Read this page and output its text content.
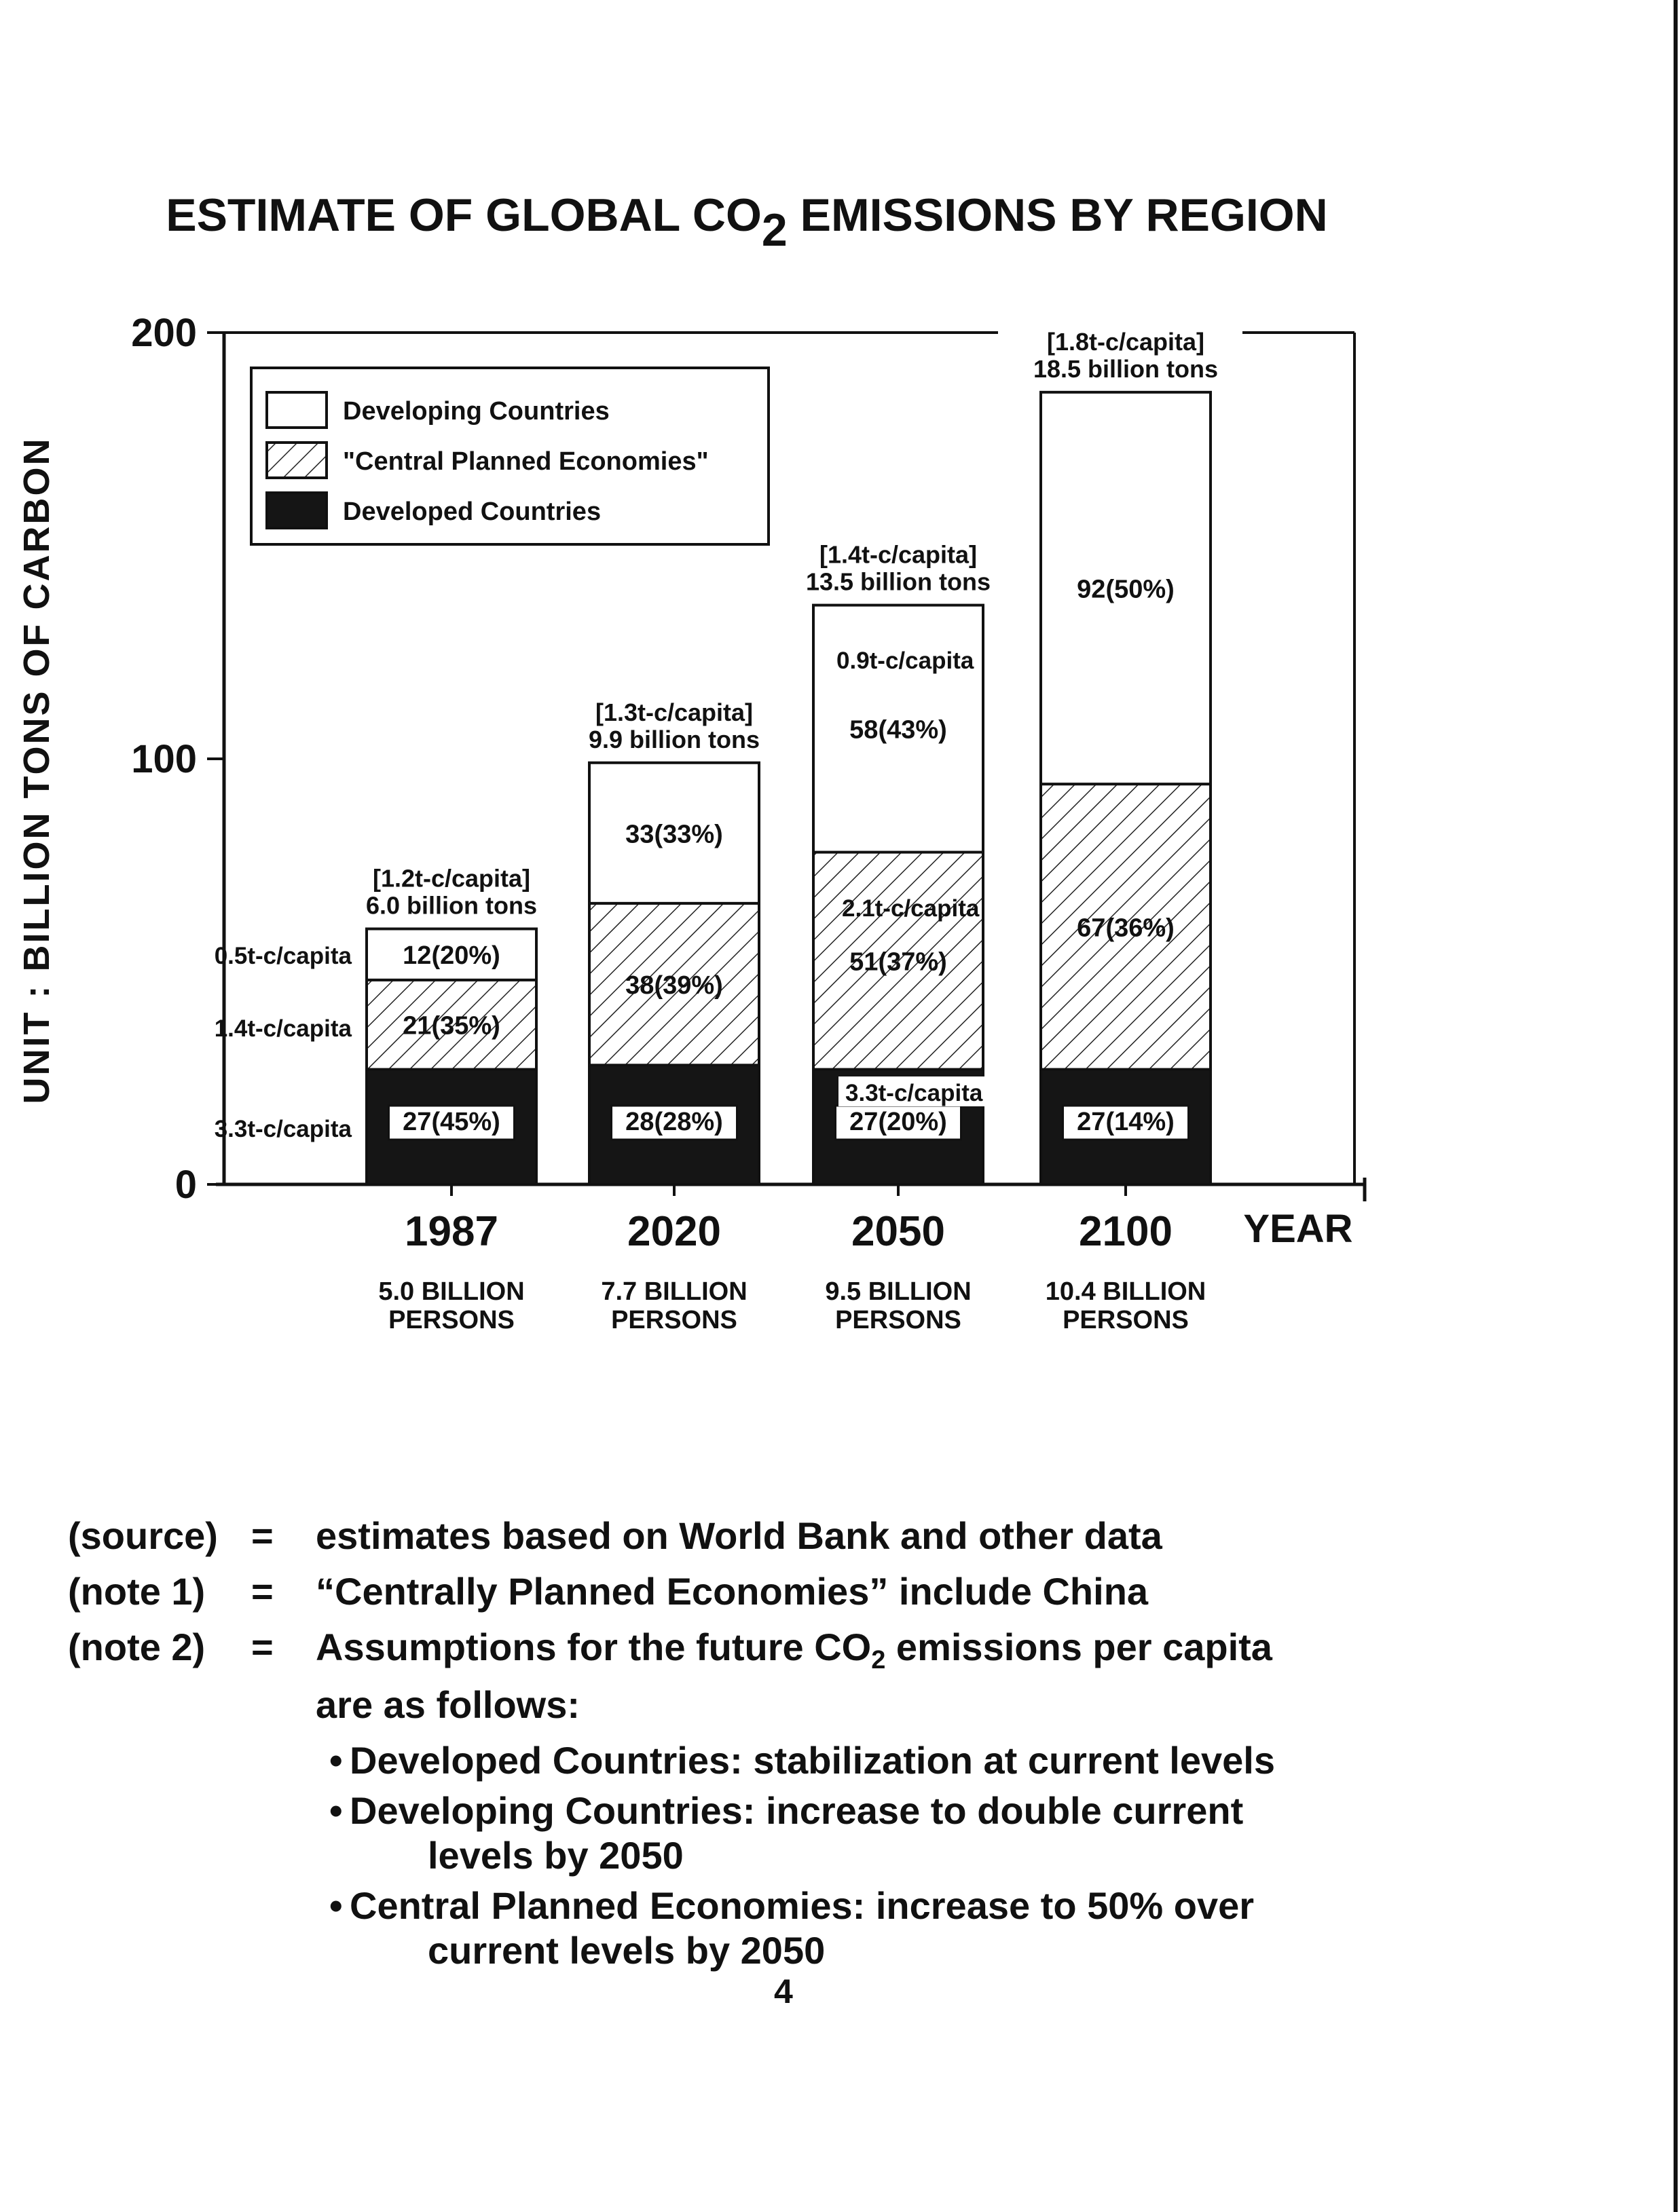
ESTIMATE OF GLOBAL CO2 EMISSIONS BY REGION
UNIT : BILLION TONS OF CARBON
0
100
200
YEAR
Developing Countries
"Central Planned Economies"
Developed Countries
27(45%)
21(35%)
12(20%)
[1.2t-c/capita]
6.0 billion tons
1987
5.0 BILLION
PERSONS
28(28%)
38(39%)
33(33%)
[1.3t-c/capita]
9.9 billion tons
2020
7.7 BILLION
PERSONS
27(20%)
51(37%)
58(43%)
[1.4t-c/capita]
13.5 billion tons
2050
9.5 BILLION
PERSONS
27(14%)
67(36%)
92(50%)
[1.8t-c/capita]
18.5 billion tons
2100
10.4 BILLION
PERSONS
0.5t-c/capita
1.4t-c/capita
3.3t-c/capita
0.9t-c/capita
2.1t-c/capita
3.3t-c/capita
(source) =	estimates based on World Bank and other data
(note 1)	=	“Centrally Planned Economies” include China
(note 2)	=	Assumptions for the future $CO_2$ emissions per capita
are as follows:
• Developed Countries: stabilization at current levels
• Developing Countries: increase to double current
levels by 2050
• Central Planned Economies: increase to 50% over
current levels by 2050
4
